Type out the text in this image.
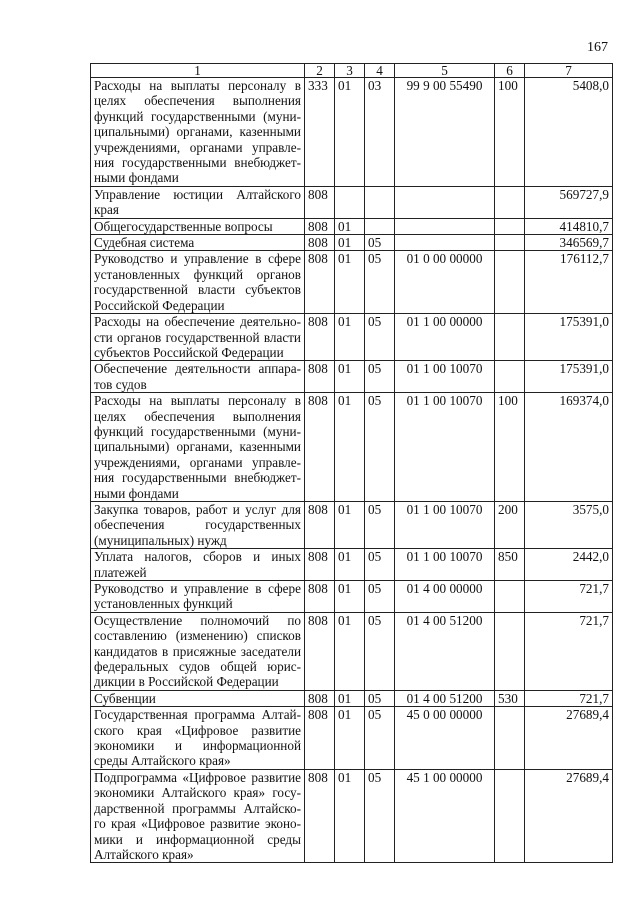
167
1	2	3	4	5	6	7
Расходы на выплаты персоналу в целях обеспечения выполнения функций государственными (муни-ципальными) органами, казенными учреждениями, органами управле-ния государственными внебюджет-ными фондами	333	01	03	99 9 00 55490	100	5408,0
Управление юстиции Алтайского края	808					569727,9
Общегосударственные вопросы	808	01				414810,7
Судебная система	808	01	05			346569,7
Руководство и управление в сфере установленных функций органов государственной власти субъектов Российской Федерации	808	01	05	01 0 00 00000		176112,7
Расходы на обеспечение деятельно-сти органов государственной власти субъектов Российской Федерации	808	01	05	01 1 00 00000		175391,0
Обеспечение деятельности аппара-тов судов	808	01	05	01 1 00 10070		175391,0
Расходы на выплаты персоналу в целях обеспечения выполнения функций государственными (муни-ципальными) органами, казенными учреждениями, органами управле-ния государственными внебюджет-ными фондами	808	01	05	01 1 00 10070	100	169374,0
Закупка товаров, работ и услуг для обеспечения государственных (муниципальных) нужд	808	01	05	01 1 00 10070	200	3575,0
Уплата налогов, сборов и иных платежей	808	01	05	01 1 00 10070	850	2442,0
Руководство и управление в сфере установленных функций	808	01	05	01 4 00 00000		721,7
Осуществление полномочий по составлению (изменению) списков кандидатов в присяжные заседатели федеральных судов общей юрис-дикции в Российской Федерации	808	01	05	01 4 00 51200		721,7
Субвенции	808	01	05	01 4 00 51200	530	721,7
Государственная программа Алтай-ского края «Цифровое развитие экономики и информационной среды Алтайского края»	808	01	05	45 0 00 00000		27689,4
Подпрограмма «Цифровое развитие экономики Алтайского края» госу-дарственной программы Алтайско-го края «Цифровое развитие эконо-мики и информационной среды Алтайского края»	808	01	05	45 1 00 00000		27689,4
